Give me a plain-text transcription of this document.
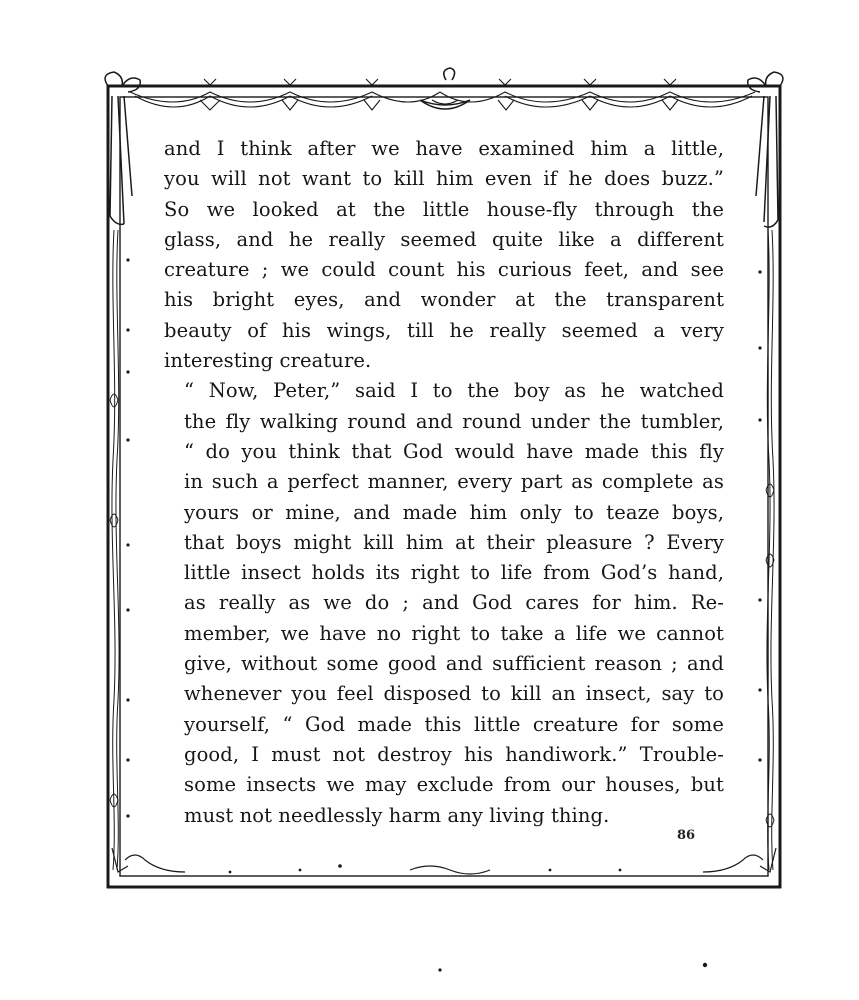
and I think after we have examined him a little,
you will not want to kill him even if he does buzz.”
So we looked at the little house-fly through the
glass, and he really seemed quite like a different
creature ; we could count his curious feet, and see
his bright eyes, and wonder at the transparent
beauty of his wings, till he really seemed a very
interesting creature.

“ Now, Peter,” said I to the boy as he watched
the fly walking round and round under the tumbler,
“ do you think that God would have made this fly
in such a perfect manner, every part as complete as
yours or mine, and made him only to teaze boys,
that boys might kill him at their pleasure ? Every
little insect holds its right to life from God’s hand,
as really as we do ; and God cares for him. Re-
member, we have no right to take a life we cannot
give, without some good and sufficient reason ; and
whenever you feel disposed to kill an insect, say to
yourself, “ God made this little creature for some
good, I must not destroy his handiwork.” Trouble-
some insects we may exclude from our houses, but
must not needlessly harm any living thing.

86
